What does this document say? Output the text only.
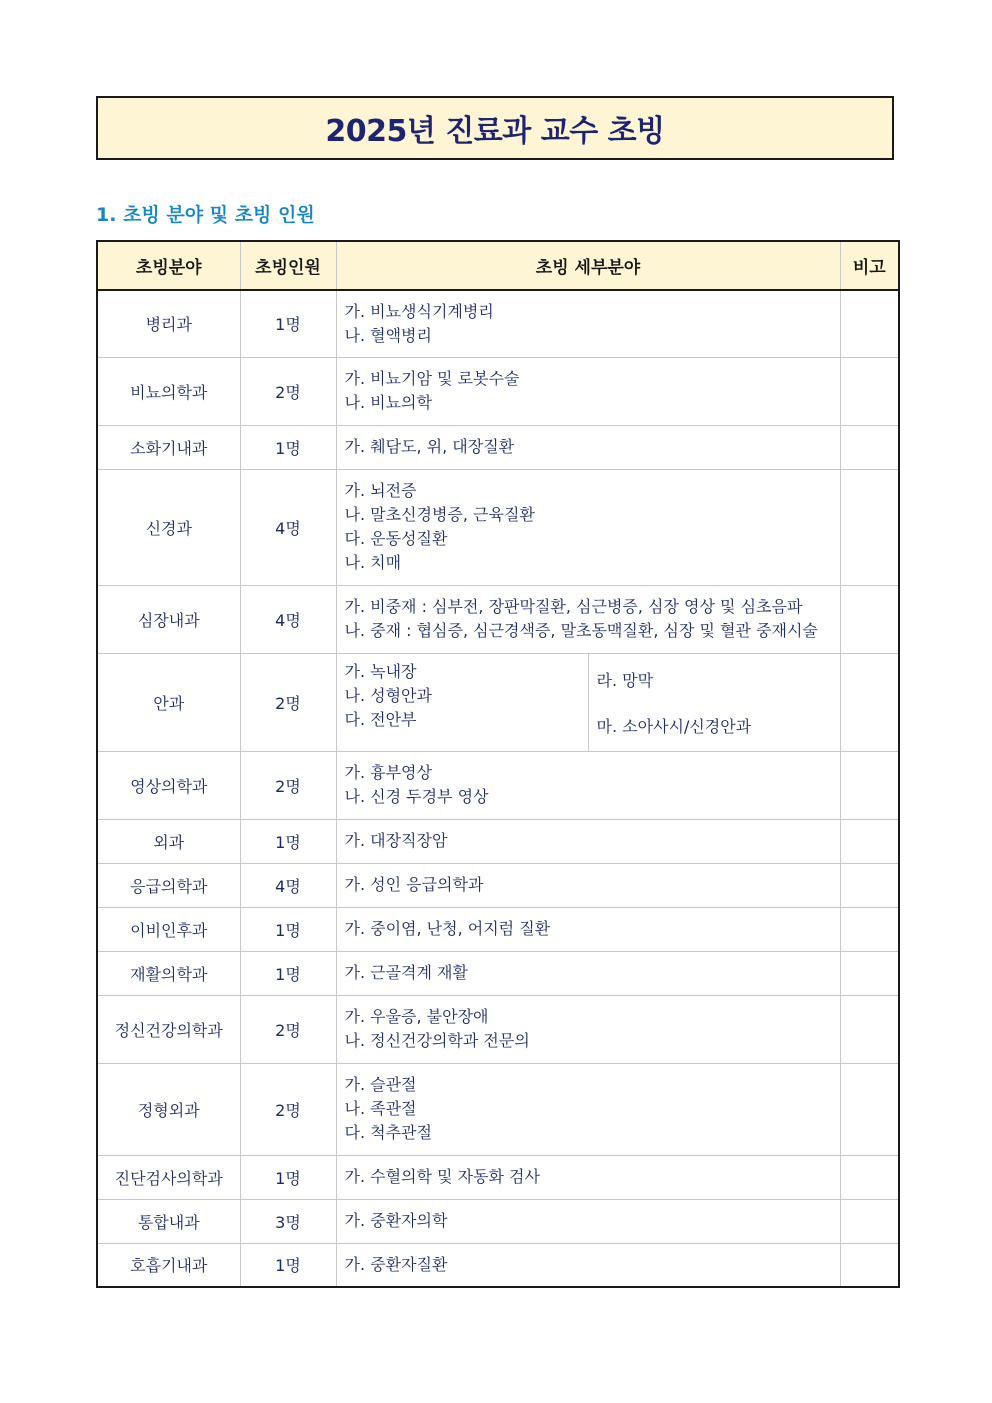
2025년 진료과 교수 초빙
1. 초빙 분야 및 초빙 인원
초빙분야	초빙인원	초빙 세부분야	비고
병리과	1명	가. 비뇨생식기계병리
나. 혈액병리	

비뇨의학과	2명	가. 비뇨기암 및 로봇수술
나. 비뇨의학	

소화기내과	1명	가. 췌담도, 위, 대장질환	

신경과	4명	가. 뇌전증
나. 말초신경병증, 근육질환
다. 운동성질환
나. 치매	

심장내과	4명	가. 비중재 : 심부전, 장판막질환, 심근병증, 심장 영상 및 심초음파
나. 중재 : 협심증, 심근경색증, 말초동맥질환, 심장 및 혈관 중재시술	

안과	2명	가. 녹내장
나. 성형안과
다. 전안부
라. 망막
마. 소아사시/신경안과	

영상의학과	2명	가. 흉부영상
나. 신경 두경부 영상	

외과	1명	가. 대장직장암	

응급의학과	4명	가. 성인 응급의학과	

이비인후과	1명	가. 중이염, 난청, 어지럼 질환	

재활의학과	1명	가. 근골격계 재활	

정신건강의학과	2명	가. 우울증, 불안장애
나. 정신건강의학과 전문의	

정형외과	2명	가. 슬관절
나. 족관절
다. 척추관절	

진단검사의학과	1명	가. 수혈의학 및 자동화 검사	

통합내과	3명	가. 중환자의학	

호흡기내과	1명	가. 중환자질환	
